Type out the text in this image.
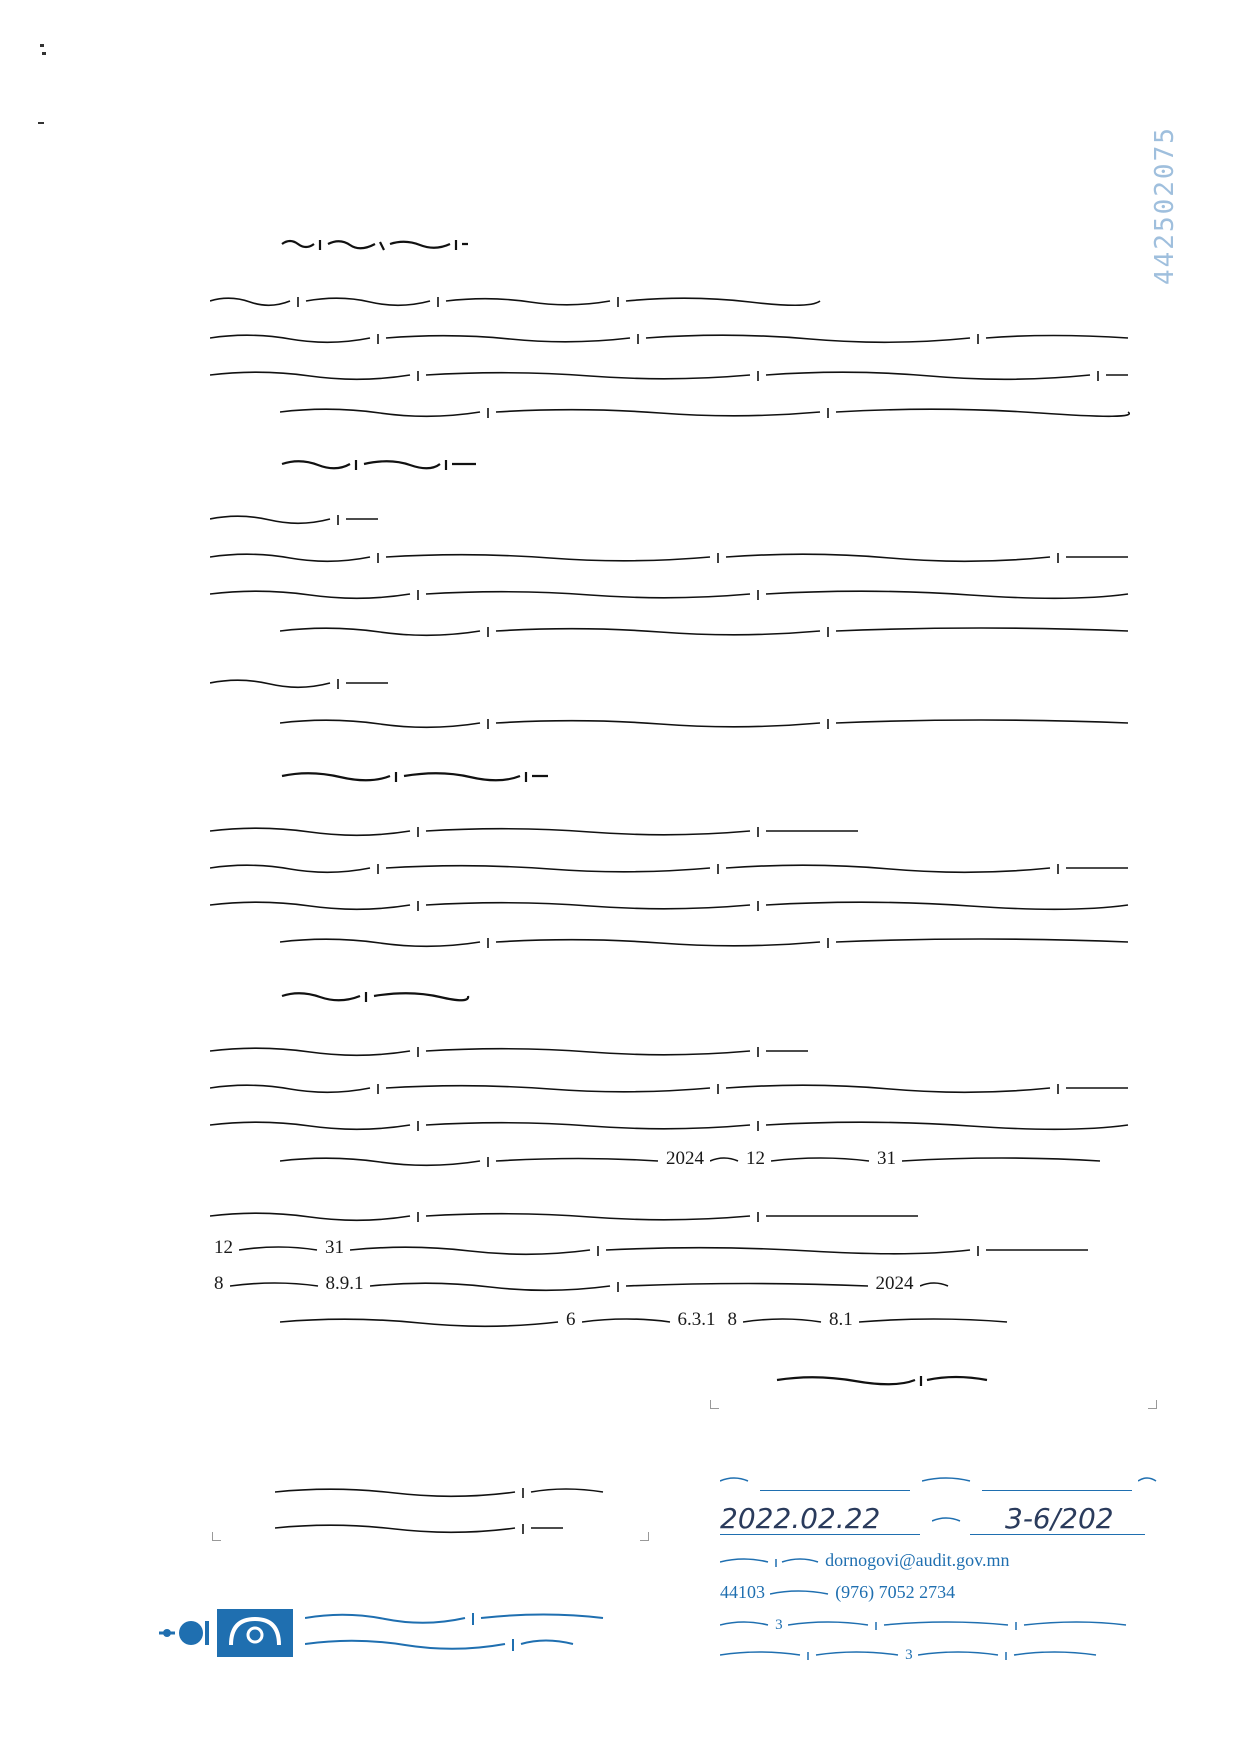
442502075
2024 12	31
12	31
8	8.9.1	2024
6	6.3.1 8	8.1
2022.02.22	3-6/202
dornogovi@audit.gov.mn
44103	(976) 7052 2734
3
3
